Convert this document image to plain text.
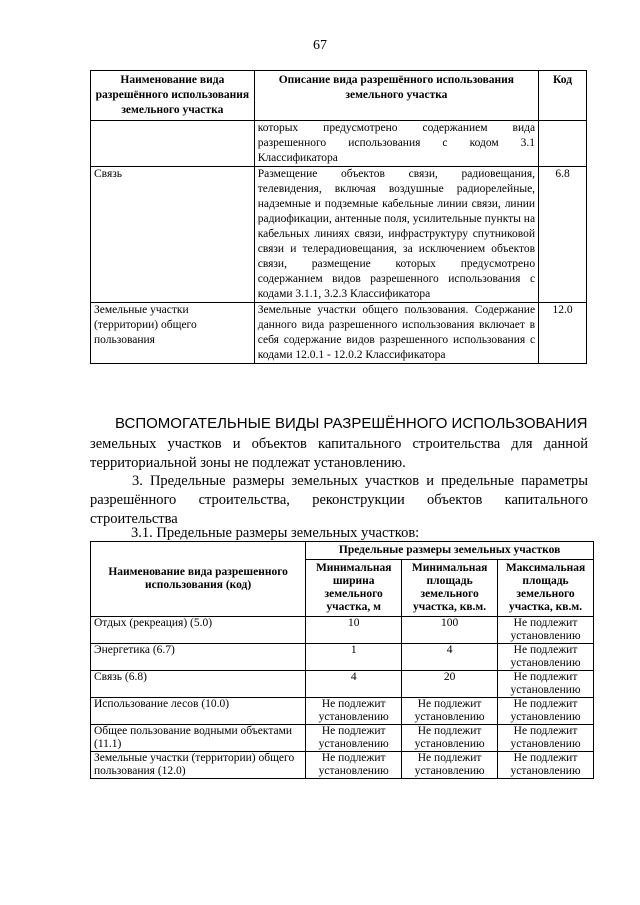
67
Наименование вида разрешённого использования земельного участка	Описание вида разрешённого использования земельного участка	Код
	которых предусмотрено содержанием вида разрешенного использования с кодом 3.1 Классификатора	
Связь	Размещение объектов связи, радиовещания, телевидения, включая воздушные радиорелейные, надземные и подземные кабельные линии связи, линии радиофикации, антенные поля, усилительные пункты на кабельных линиях связи, инфраструктуру спутниковой связи и телерадиовещания, за исключением объектов связи, размещение которых предусмотрено содержанием видов разрешенного использования с кодами 3.1.1, 3.2.3 Классификатора	6.8
Земельные участки (территории) общего пользования	Земельные участки общего пользования. Содержание данного вида разрешенного использования включает в себя содержание видов разрешенного использования с кодами 12.0.1 - 12.0.2 Классификатора	12.0
ВСПОМОГАТЕЛЬНЫЕ ВИДЫ РАЗРЕШЁННОГО ИСПОЛЬЗОВАНИЯ
земельных участков и объектов капитального строительства для данной территориальной зоны не подлежат установлению.
3. Предельные размеры земельных участков и предельные параметры разрешённого строительства, реконструкции объектов капитального строительства
3.1. Предельные размеры земельных участков:
Наименование вида разрешенного использования (код)	Предельные размеры земельных участков		
	Минимальная ширина земельного участка, м	Минимальная площадь земельного участка, кв.м.	Максимальная площадь земельного участка, кв.м.
Отдых (рекреация) (5.0)	10	100	Не подлежит установлению
Энергетика (6.7)	1	4	Не подлежит установлению
Связь (6.8)	4	20	Не подлежит установлению
Использование лесов (10.0)	Не подлежит установлению	Не подлежит установлению	Не подлежит установлению
Общее пользование водными объектами (11.1)	Не подлежит установлению	Не подлежит установлению	Не подлежит установлению
Земельные участки (территории) общего пользования (12.0)	Не подлежит установлению	Не подлежит установлению	Не подлежит установлению
